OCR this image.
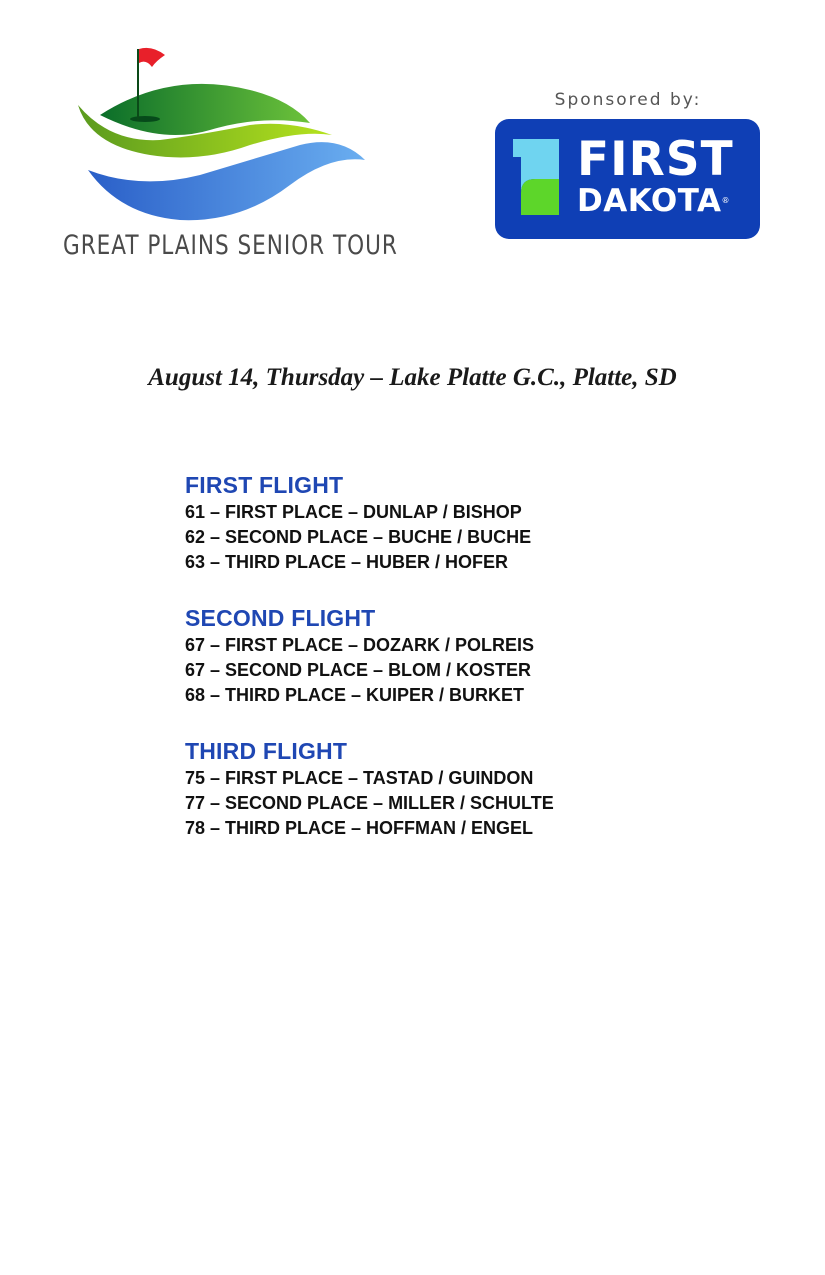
GREAT PLAINS SENIOR TOUR
Sponsored by:
FIRST
DAKOTA®
August 14, Thursday – Lake Platte G.C., Platte, SD
FIRST FLIGHT
61 – FIRST PLACE – DUNLAP / BISHOP
62 – SECOND PLACE – BUCHE / BUCHE
63 – THIRD PLACE – HUBER / HOFER
SECOND FLIGHT
67 – FIRST PLACE – DOZARK / POLREIS
67 – SECOND PLACE – BLOM / KOSTER
68 – THIRD PLACE – KUIPER / BURKET
THIRD FLIGHT
75 – FIRST PLACE – TASTAD / GUINDON
77 – SECOND PLACE – MILLER / SCHULTE
78 – THIRD PLACE – HOFFMAN / ENGEL
